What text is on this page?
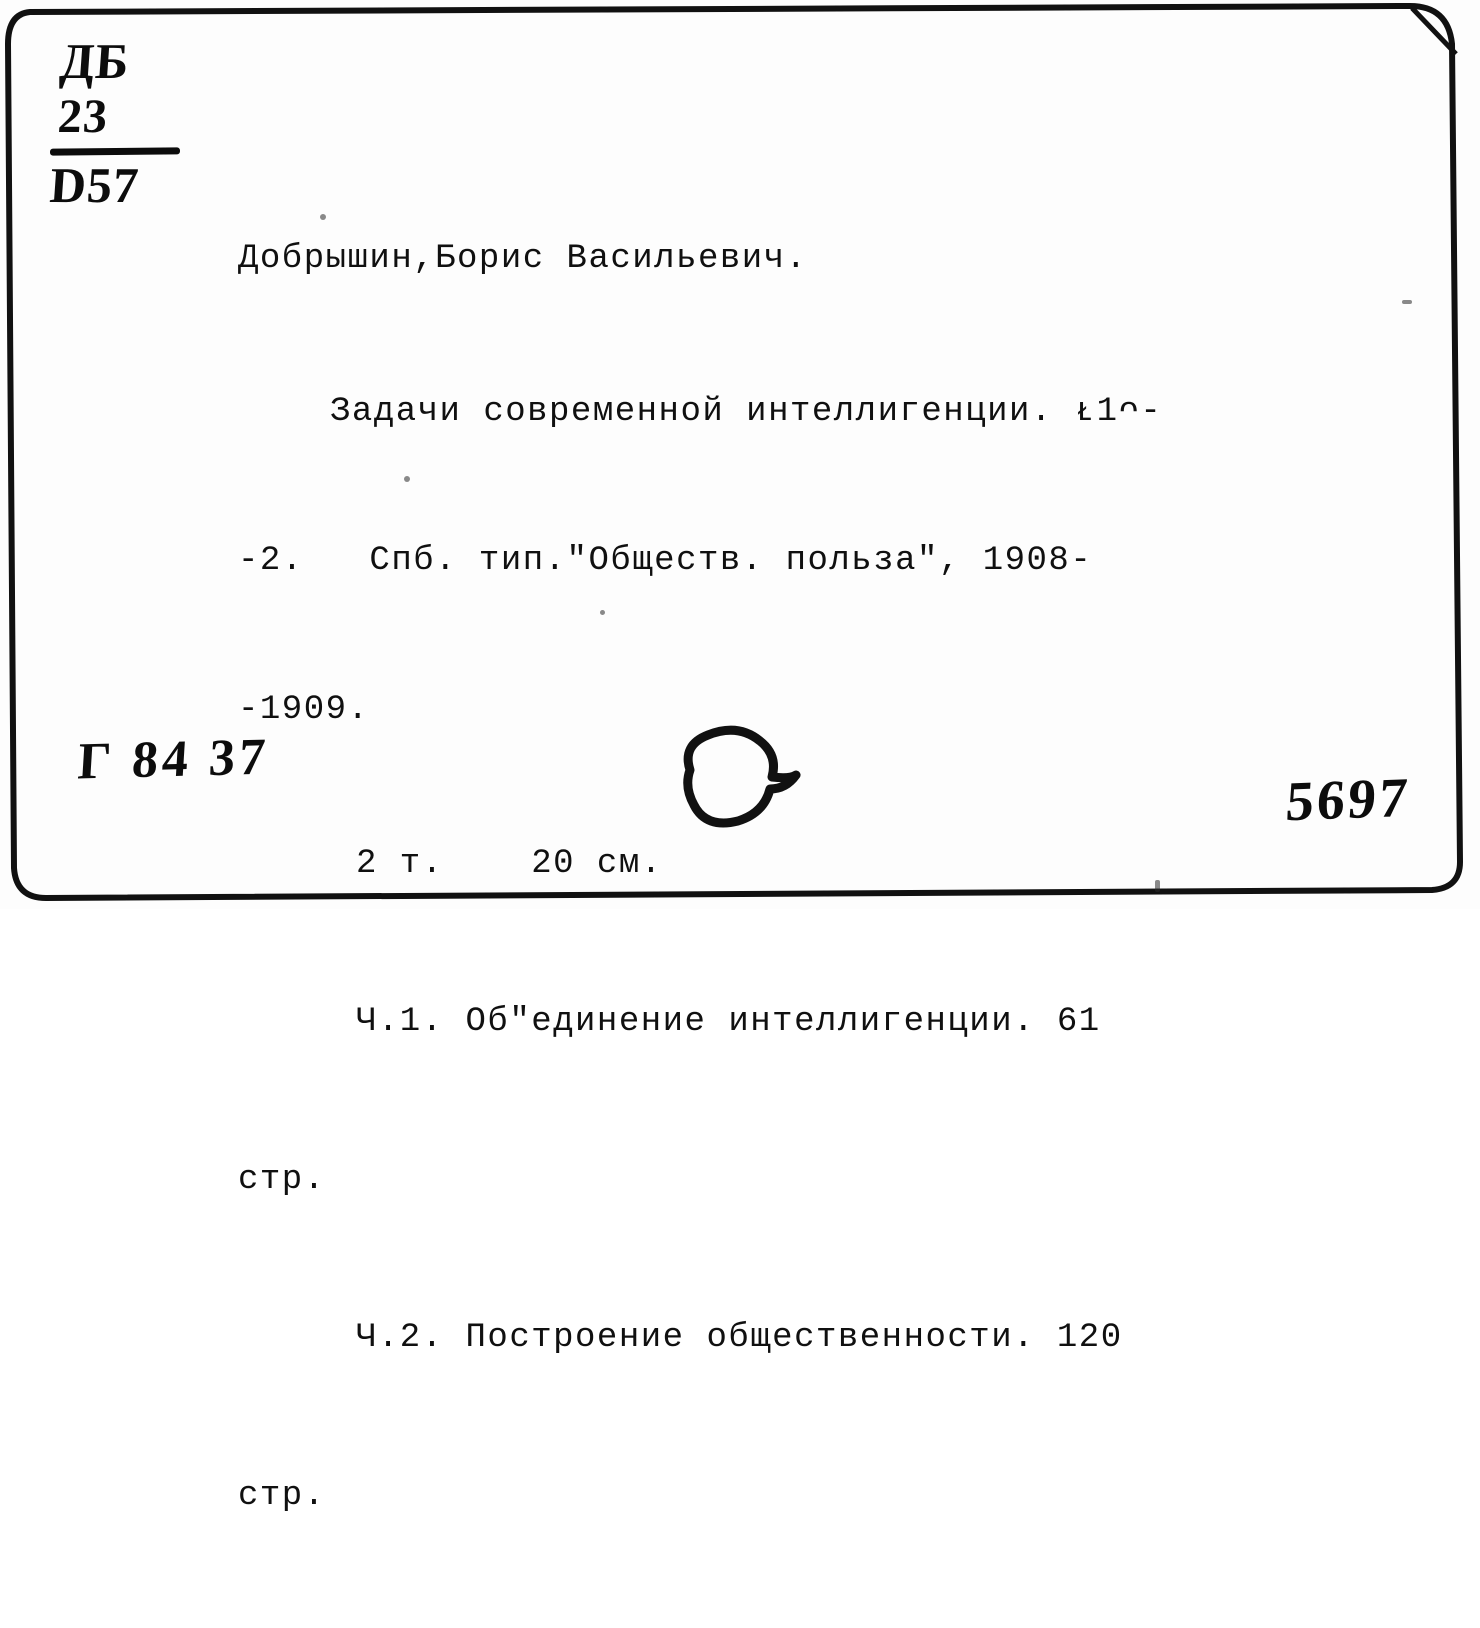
ДБ
23
D57

Добрышин,Борис Васильевич.

Задачи современной интеллигенции. ᴌ1ᴖ-

-2.   Спб. тип."Обществ. польза", 1908-

-1909.

2 т.    20 см.

Ч.1. Об"единение интеллигенции. 61

стр.

Ч.2. Построение общественности. 120

стр.

Г 84 37
5697
